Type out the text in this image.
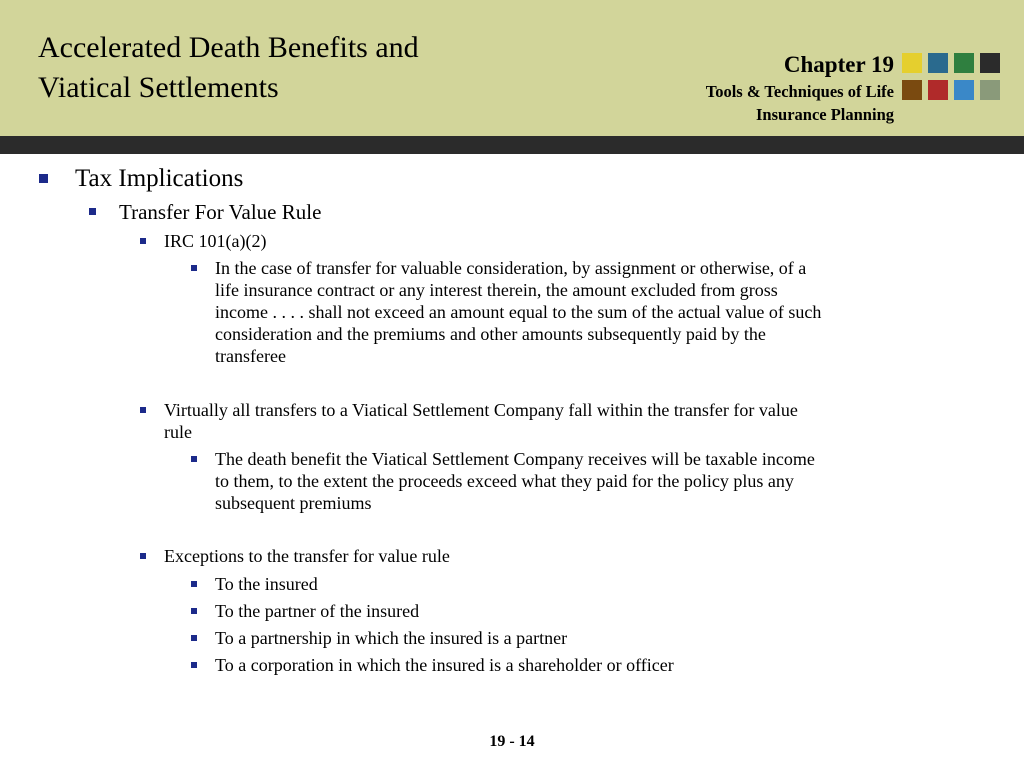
Accelerated Death Benefits and
Viatical Settlements
Chapter 19
Tools & Techniques of Life
Insurance Planning
Tax Implications
Transfer For Value Rule
IRC 101(a)(2)
In the case of transfer for valuable consideration, by assignment or otherwise, of a
life insurance contract or any interest therein, the amount excluded from gross
income . . . . shall not exceed an amount equal to the sum of the actual value of such
consideration and the premiums and other amounts subsequently paid by the
transferee
Virtually all transfers to a Viatical Settlement Company fall within the transfer for value
rule
The death benefit the Viatical Settlement Company receives will be taxable income
to them, to the extent the proceeds exceed what they paid for the policy plus any
subsequent premiums
Exceptions to the transfer for value rule
To the insured
To the partner of the insured
To a partnership in which the insured is a partner
To a corporation in which the insured is a shareholder or officer
19 - 14
